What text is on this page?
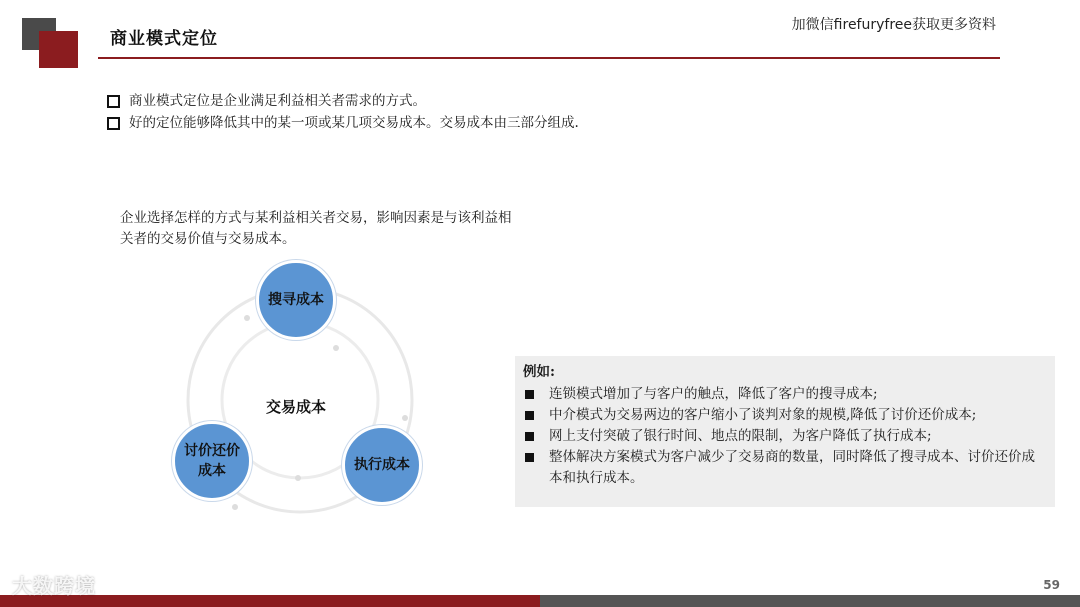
商业模式定位
加微信firefuryfree获取更多资料
商业模式定位是企业满足利益相关者需求的方式。
好的定位能够降低其中的某一项或某几项交易成本。交易成本由三部分组成.
企业选择怎样的方式与某利益相关者交易，影响因素是与该利益相关者的交易价值与交易成本。
搜寻成本
讨价还价成本	执行成本
交易成本
例如:
连锁模式增加了与客户的触点，降低了客户的搜寻成本;
中介模式为交易两边的客户缩小了谈判对象的规模,降低了讨价还价成本;
网上支付突破了银行时间、地点的限制，为客户降低了执行成本;
整体解决方案模式为客户减少了交易商的数量，同时降低了搜寻成本、讨价还价成本和执行成本。
大数跨境	59
